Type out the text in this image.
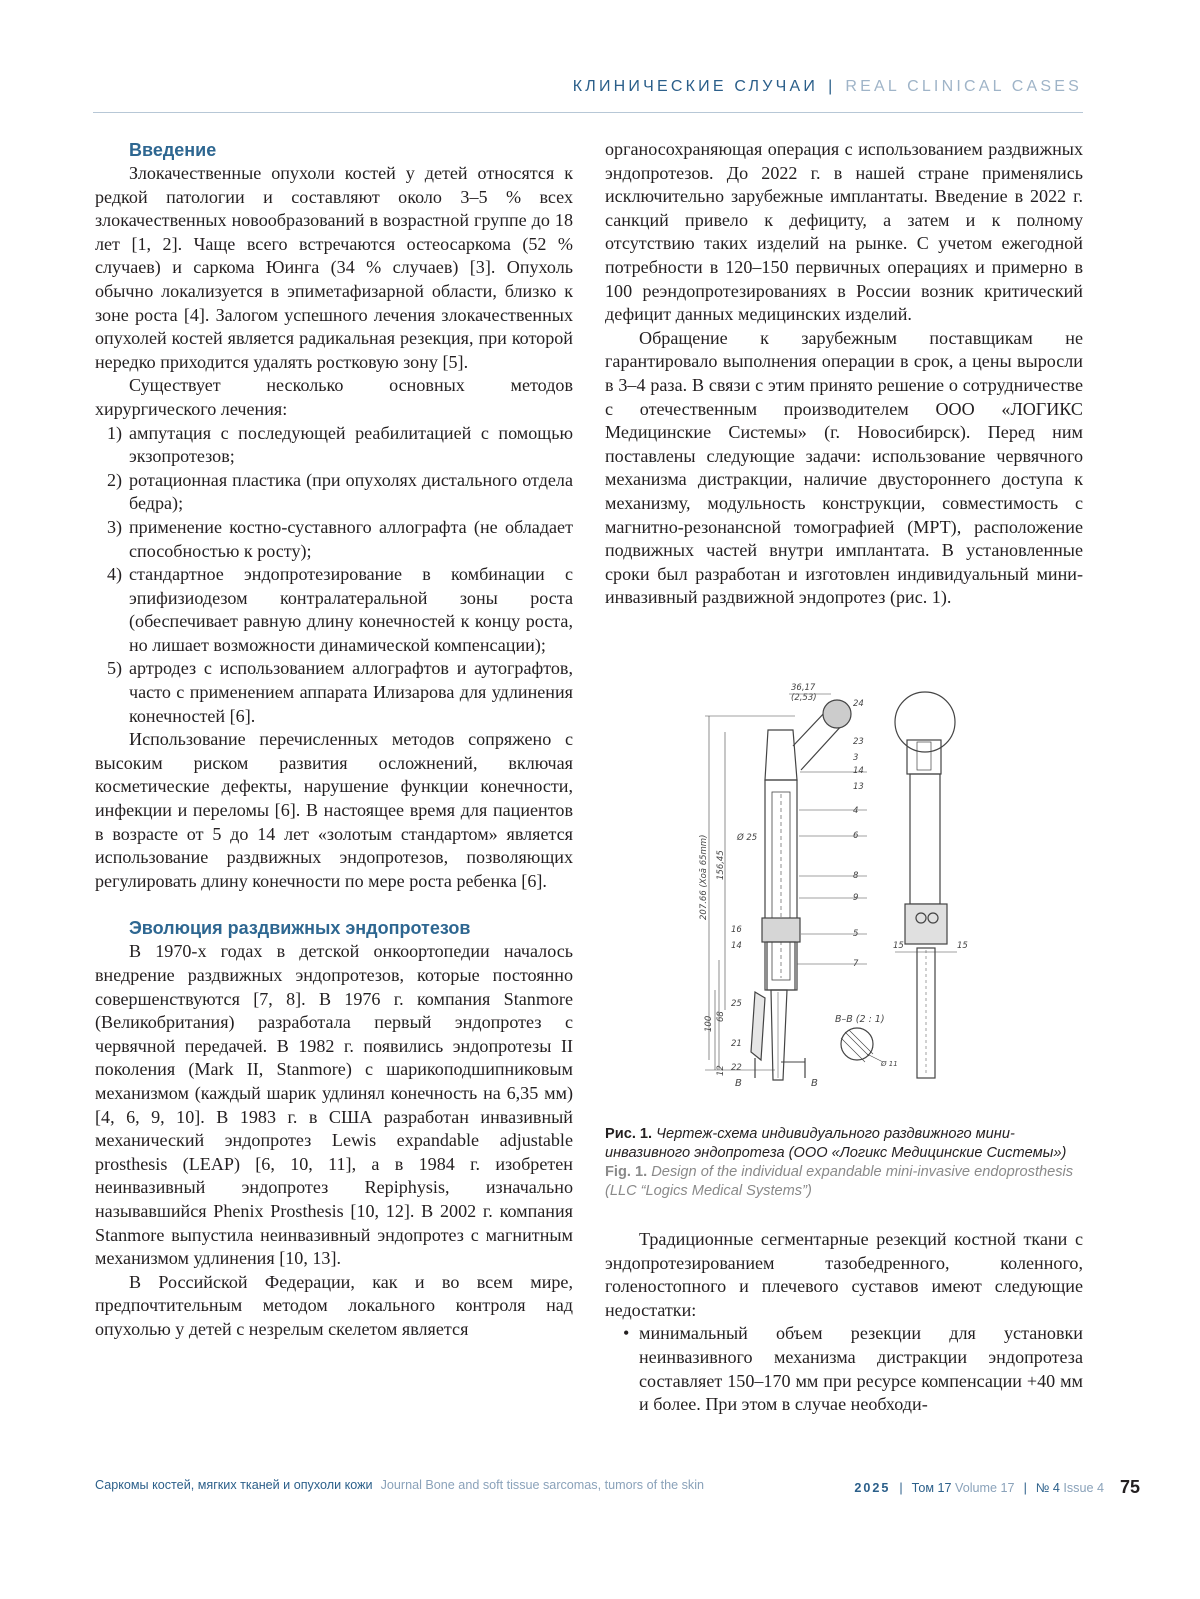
КЛИНИЧЕСКИЕ СЛУЧАИ | REAL CLINICAL CASES
Введение

Злокачественные опухоли костей у детей относятся к редкой патологии и составляют около 3–5 % всех злокачественных новообразований в возрастной группе до 18 лет [1, 2]. Чаще всего встречаются остеосаркома (52 % случаев) и саркома Юинга (34 % случаев) [3]. Опухоль обычно локализуется в эпиметафизарной области, близко к зоне роста [4]. Залогом успешного лечения злокачественных опухолей костей является радикальная резекция, при которой нередко приходится удалять ростковую зону [5].

Существует несколько основных методов хирургического лечения:

1) ампутация с последующей реабилитацией с помощью экзопротезов;
2) ротационная пластика (при опухолях дистального отдела бедра);
3) применение костно-суставного аллографта (не обладает способностью к росту);
4) стандартное эндопротезирование в комбинации с эпифизиодезом контралатеральной зоны роста (обеспечивает равную длину конечностей к концу роста, но лишает возможности динамической компенсации);
5) артродез с использованием аллографтов и аутографтов, часто с применением аппарата Илизарова для удлинения конечностей [6].

Использование перечисленных методов сопряжено с высоким риском развития осложнений, включая косметические дефекты, нарушение функции конечности, инфекции и переломы [6]. В настоящее время для пациентов в возрасте от 5 до 14 лет «золотым стандартом» является использование раздвижных эндопротезов, позволяющих регулировать длину конечности по мере роста ребенка [6].

Эволюция раздвижных эндопротезов

В 1970-х годах в детской онкоортопедии началось внедрение раздвижных эндопротезов, которые постоянно совершенствуются [7, 8]. В 1976 г. компания Stanmore (Великобритания) разработала первый эндопротез с червячной передачей. В 1982 г. появились эндопротезы II поколения (Mark II, Stanmore) с шарикоподшипниковым механизмом (каждый шарик удлинял конечность на 6,35 мм) [4, 6, 9, 10]. В 1983 г. в США разработан инвазивный механический эндопротез Lewis expandable adjustable prosthesis (LEAP) [6, 10, 11], а в 1984 г. изобретен неинвазивный эндопротез Repiphysis, изначально называвшийся Phenix Prosthesis [10, 12]. В 2002 г. компания Stanmore выпустила неинвазивный эндопротез с магнитным механизмом удлинения [10, 13].

В Российской Федерации, как и во всем мире, предпочтительным методом локального контроля над опухолью у детей с незрелым скелетом является

органосохраняющая операция с использованием раздвижных эндопротезов. До 2022 г. в нашей стране применялись исключительно зарубежные имплантаты. Введение в 2022 г. санкций привело к дефициту, а затем и к полному отсутствию таких изделий на рынке. С учетом ежегодной потребности в 120–150 первичных операциях и примерно в 100 реэндопротезированиях в России возник критический дефицит данных медицинских изделий.

Обращение к зарубежным поставщикам не гарантировало выполнения операции в срок, а цены выросли в 3–4 раза. В связи с этим принято решение о сотрудничестве с отечественным производителем ООО «ЛОГИКС Медицинские Системы» (г. Новосибирск). Перед ним поставлены следующие задачи: использование червячного механизма дистракции, наличие двустороннего доступа к механизму, модульность конструкции, совместимость с магнитно-резонансной томографией (МРТ), расположение подвижных частей внутри имплантата. В установленные сроки был разработан и изготовлен индивидуальный мини-инвазивный раздвижной эндопротез (рис. 1).

36,17
(2,53)
Ø 25
207.66 (Xoā 65mm) 156,45
100 68
12
B–B (2 : 1)
Ø 11
24
23
3
14
13
4
6
8
9
5
7
16
14
25
21
22
15	15
B	B
Рис. 1. Чертеж-схема индивидуального раздвижного мини-инвазивного эндопротеза (ООО «Логикс Медицинские Системы»)
Fig. 1. Design of the individual expandable mini-invasive endoprosthesis (LLC “Logics Medical Systems”)

Традиционные сегментарные резекций костной ткани с эндопротезированием тазобедренного, коленного, голеностопного и плечевого суставов имеют следующие недостатки:

• минимальный объем резекции для установки неинвазивного механизма дистракции эндопротеза составляет 150–170 мм при ресурсе компенсации +40 мм и более. При этом в случае необходи-
Саркомы костей, мягких тканей и опухоли кожи Journal Bone and soft tissue sarcomas, tumors of the skin	2025 | Том 17 Volume 17 | № 4 Issue 4 75
